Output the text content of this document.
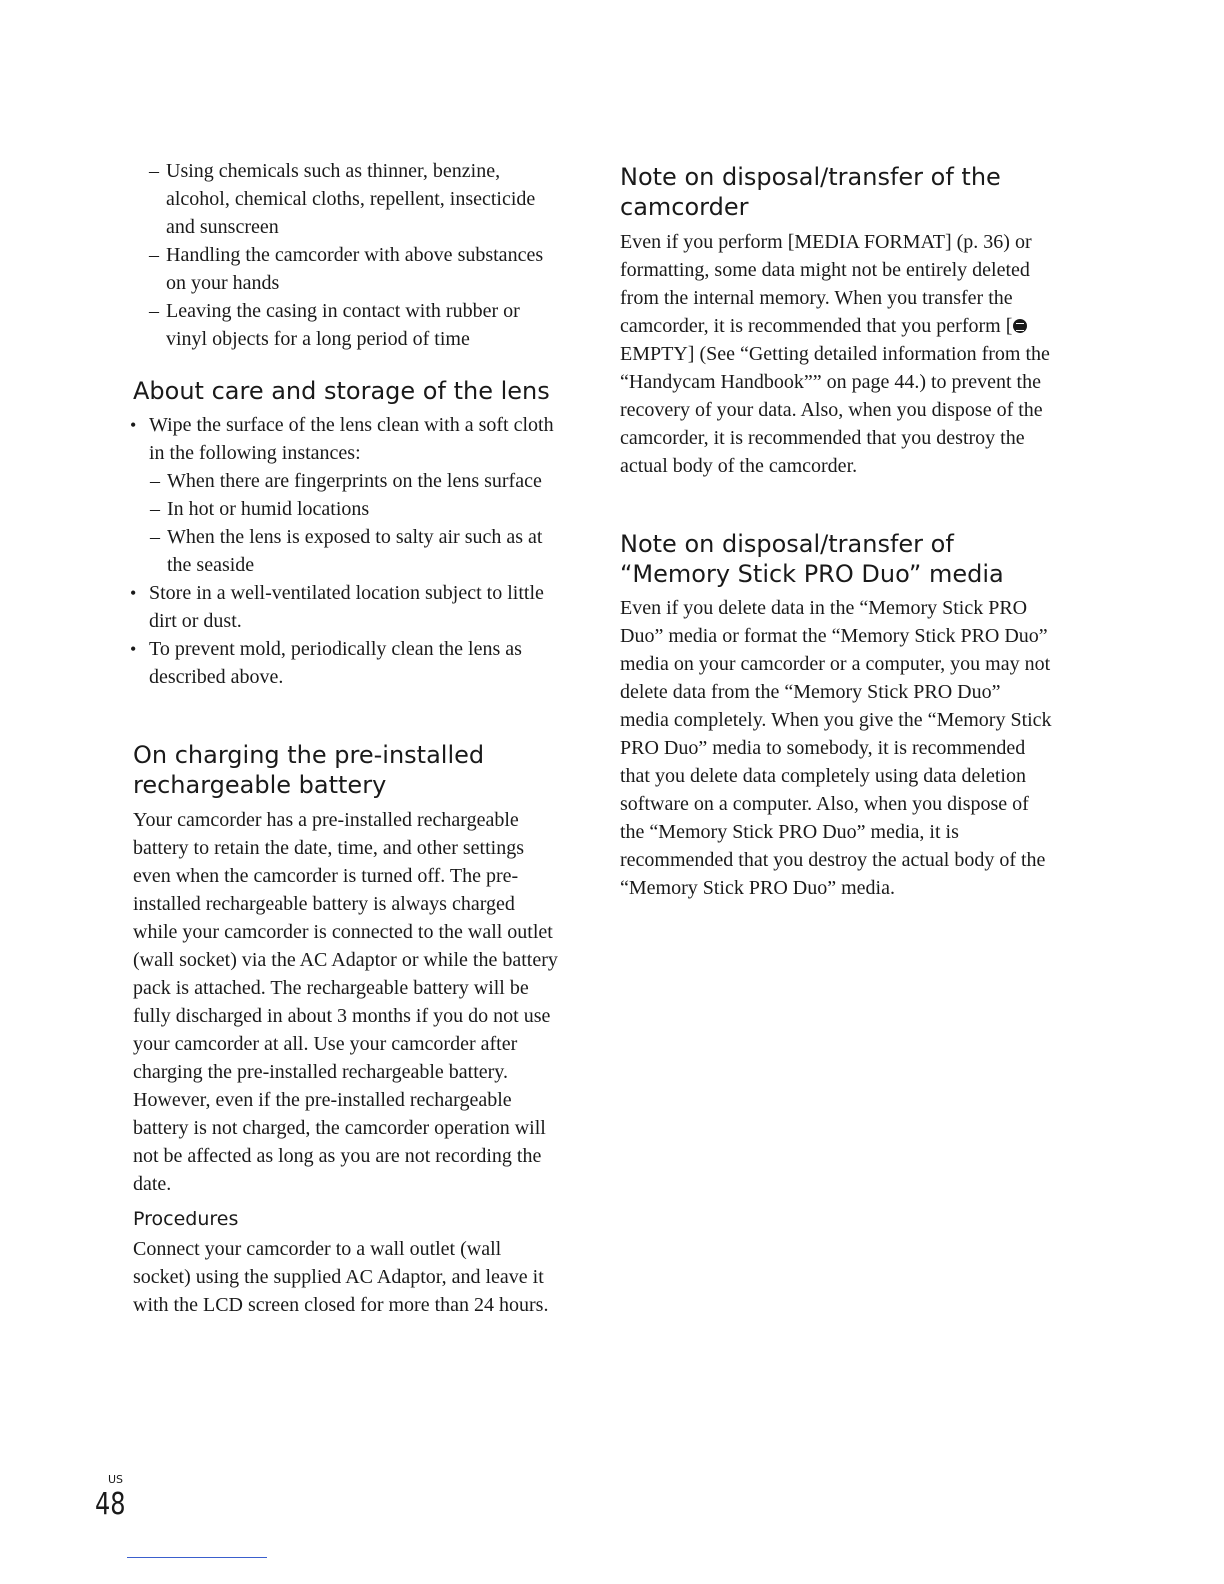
– Using chemicals such as thinner, benzine, alcohol, chemical cloths, repellent, insecticide and sunscreen
– Handling the camcorder with above substances on your hands
– Leaving the casing in contact with rubber or vinyl objects for a long period of time
About care and storage of the lens
• Wipe the surface of the lens clean with a soft cloth in the following instances:
– When there are fingerprints on the lens surface
– In hot or humid locations
– When the lens is exposed to salty air such as at the seaside
• Store in a well-ventilated location subject to little dirt or dust.
• To prevent mold, periodically clean the lens as described above.
On charging the pre-installed rechargeable battery

Your camcorder has a pre-installed rechargeable battery to retain the date, time, and other settings even when the camcorder is turned off. The pre-installed rechargeable battery is always charged while your camcorder is connected to the wall outlet (wall socket) via the AC Adaptor or while the battery pack is attached. The rechargeable battery will be fully discharged in about 3 months if you do not use your camcorder at all. Use your camcorder after charging the pre-installed rechargeable battery. However, even if the pre-installed rechargeable battery is not charged, the camcorder operation will not be affected as long as you are not recording the date.

Procedures

Connect your camcorder to a wall outlet (wall socket) using the supplied AC Adaptor, and leave it with the LCD screen closed for more than 24 hours.

Note on disposal/transfer of the camcorder

Even if you perform [MEDIA FORMAT] (p. 36) or formatting, some data might not be entirely deleted from the internal memory. When you transfer the camcorder, it is recommended that you perform [EMPTY] (See “Getting detailed information from the “Handycam Handbook”” on page 44.) to prevent the recovery of your data. Also, when you dispose of the camcorder, it is recommended that you destroy the actual body of the camcorder.

Note on disposal/transfer of “Memory Stick PRO Duo” media

Even if you delete data in the “Memory Stick PRO Duo” media or format the “Memory Stick PRO Duo” media on your camcorder or a computer, you may not delete data from the “Memory Stick PRO Duo” media completely. When you give the “Memory Stick PRO Duo” media to somebody, it is recommended that you delete data completely using data deletion software on a computer. Also, when you dispose of the “Memory Stick PRO Duo” media, it is recommended that you destroy the actual body of the “Memory Stick PRO Duo” media.

US
48
